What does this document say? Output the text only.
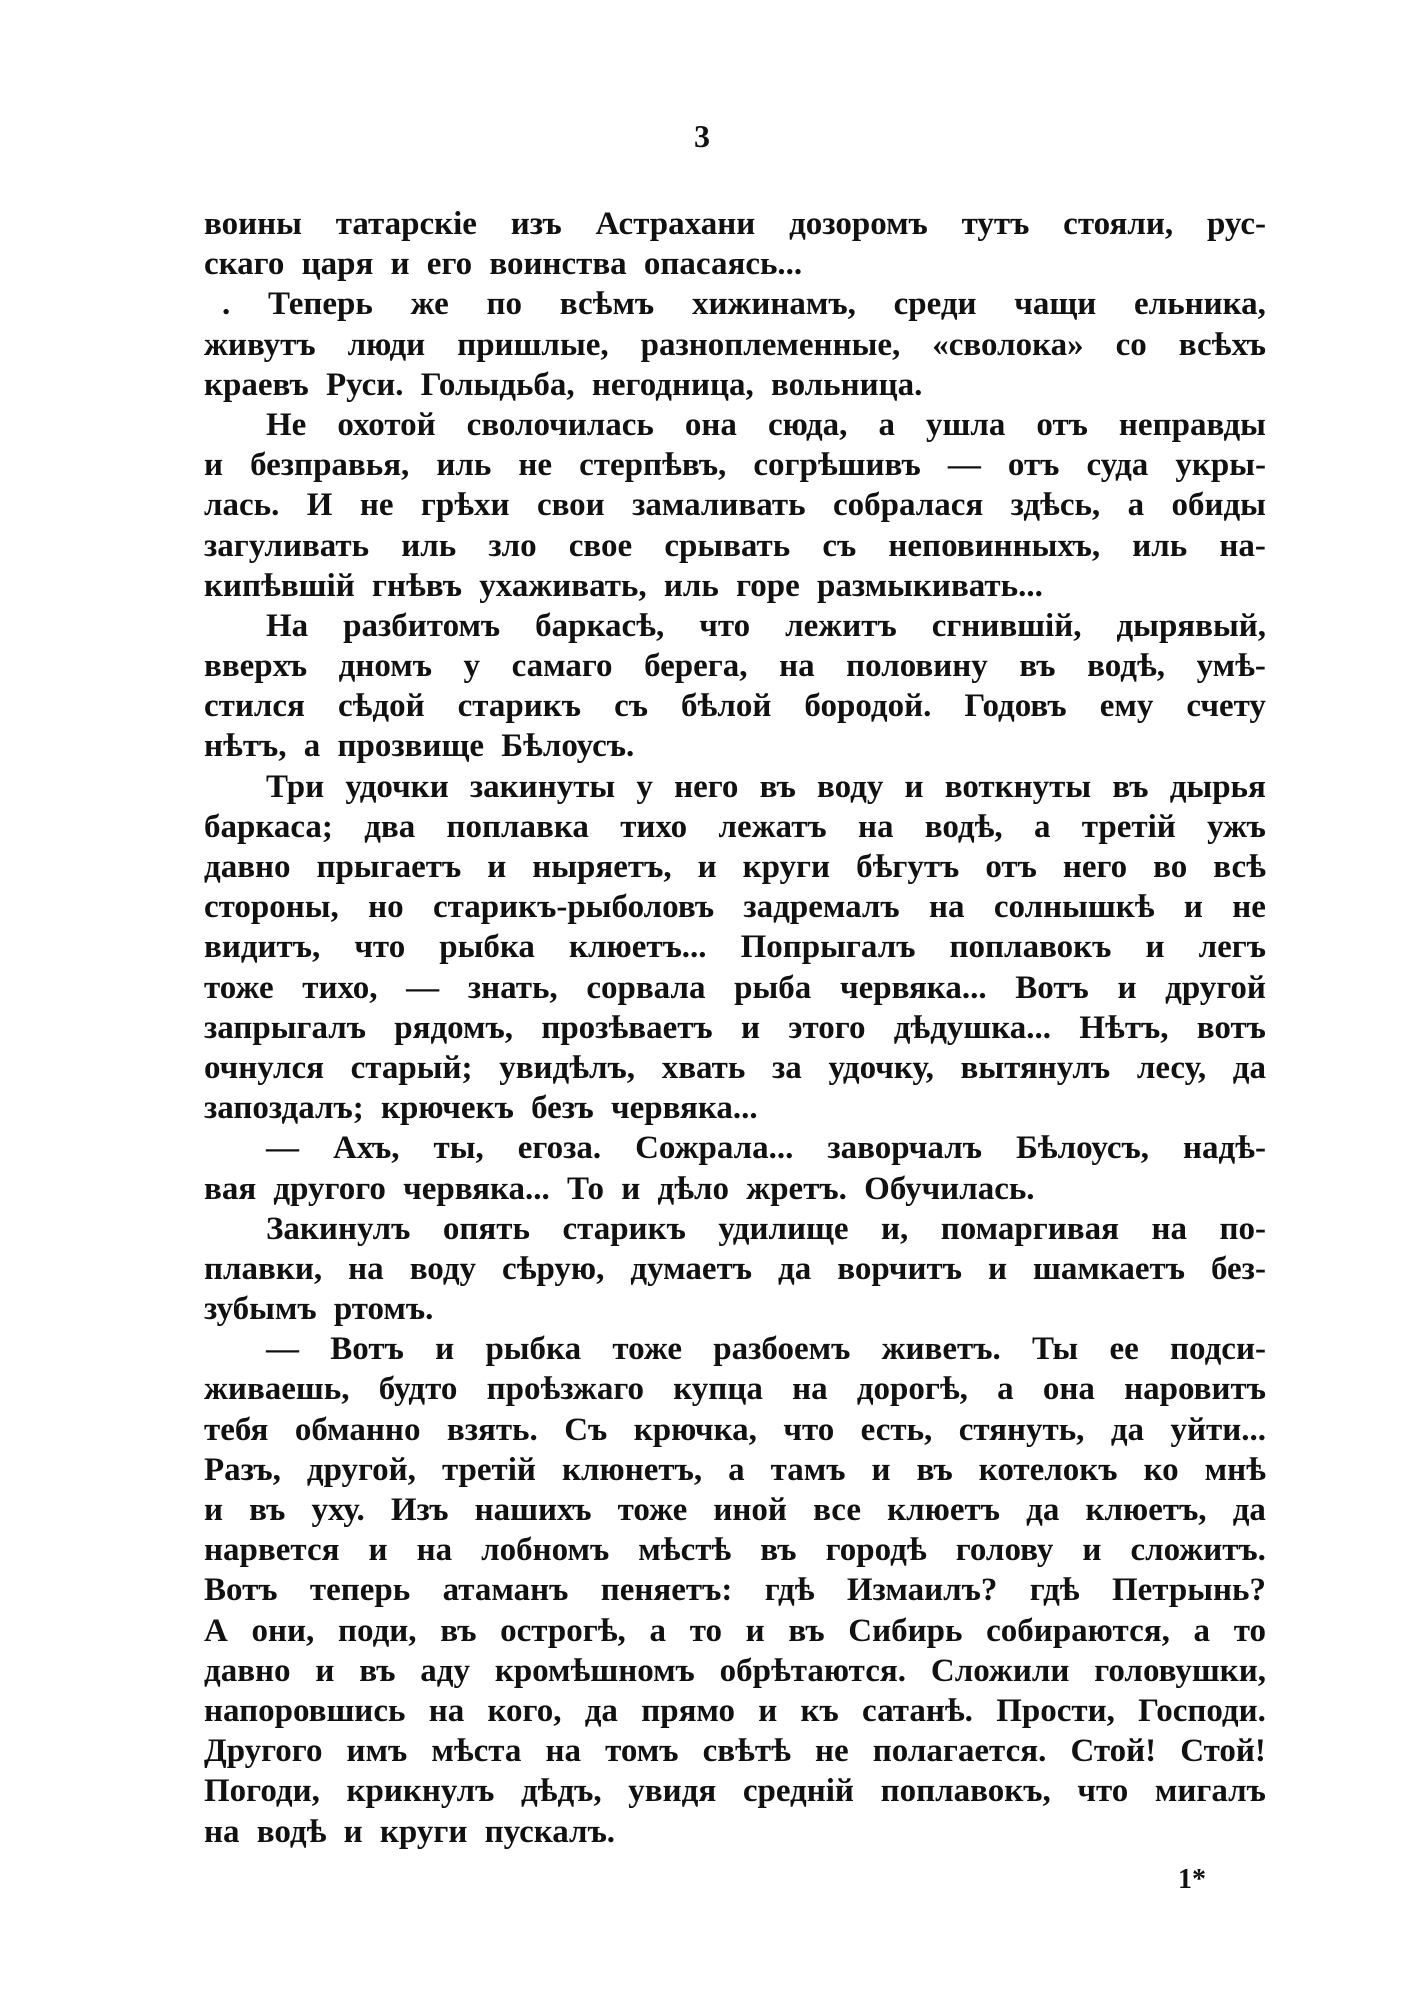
3
воины татарскiе изъ Астрахани дозоромъ тутъ стояли, рус-
скаго царя и его воинства опасаясь...
. Теперь же по всѣмъ хижинамъ, среди чащи ельника,
живутъ люди пришлые, разноплеменные, «сволока» со всѣхъ
краевъ Руси. Голыдьба, негодница, вольница.
Не охотой сволочилась она сюда, а ушла отъ неправды
и безправья, иль не стерпѣвъ, согрѣшивъ — отъ суда укры-
лась. И не грѣхи свои замаливать собралася здѣсь, а обиды
загуливать иль зло свое срывать съ неповинныхъ, иль на-
кипѣвшiй гнѣвъ ухаживать, иль горе размыкивать...
На разбитомъ баркасѣ, что лежитъ сгнившiй, дырявый,
вверхъ дномъ у самаго берега, на половину въ водѣ, умѣ-
стился сѣдой старикъ съ бѣлой бородой. Годовъ ему счету
нѣтъ, а прозвище Бѣлоусъ.
Три удочки закинуты у него въ воду и воткнуты въ дырья
баркаса; два поплавка тихо лежатъ на водѣ, а третiй ужъ
давно прыгаетъ и ныряетъ, и круги бѣгутъ отъ него во всѣ
стороны, но старикъ-рыболовъ задремалъ на солнышкѣ и не
видитъ, что рыбка клюетъ... Попрыгалъ поплавокъ и легъ
тоже тихо, — знать, сорвала рыба червяка... Вотъ и другой
запрыгалъ рядомъ, прозѣваетъ и этого дѣдушка... Нѣтъ, вотъ
очнулся старый; увидѣлъ, хвать за удочку, вытянулъ лесу, да
запоздалъ; крючекъ безъ червяка...
— Ахъ, ты, егоза. Сожрала... заворчалъ Бѣлоусъ, надѣ-
вая другого червяка... То и дѣло жретъ. Обучилась.
Закинулъ опять старикъ удилище и, помаргивая на по-
плавки, на воду сѣрую, думаетъ да ворчитъ и шамкаетъ без-
зубымъ ртомъ.
— Вотъ и рыбка тоже разбоемъ живетъ. Ты ее подси-
живаешь, будто проѣзжаго купца на дорогѣ, а она наровитъ
тебя обманно взять. Съ крючка, что есть, стянуть, да уйти...
Разъ, другой, третiй клюнетъ, а тамъ и въ котелокъ ко мнѣ
и въ уху. Изъ нашихъ тоже иной все клюетъ да клюетъ, да
нарвется и на лобномъ мѣстѣ въ городѣ голову и сложитъ.
Вотъ теперь атаманъ пеняетъ: гдѣ Измаилъ? гдѣ Петрынь?
А они, поди, въ острогѣ, а то и въ Сибирь собираются, а то
давно и въ аду кромѣшномъ обрѣтаются. Сложили головушки,
напоровшись на кого, да прямо и къ сатанѣ. Прости, Господи.
Другого имъ мѣста на томъ свѣтѣ не полагается. Стой! Стой!
Погоди, крикнулъ дѣдъ, увидя среднiй поплавокъ, что мигалъ
на водѣ и круги пускалъ.
1*
